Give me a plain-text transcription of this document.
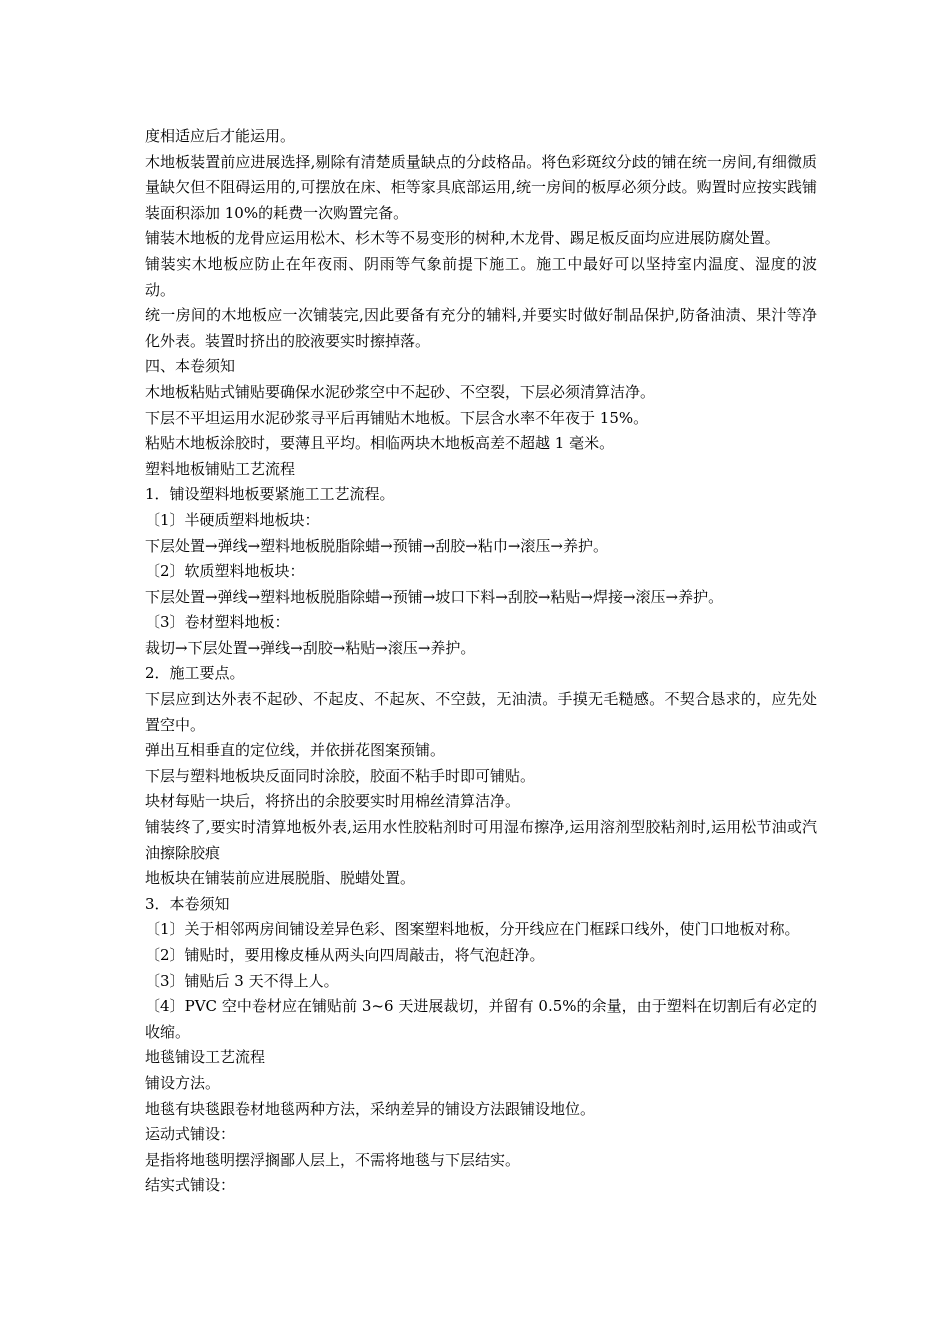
度相适应后才能运用。

木地板装置前应进展选择,剔除有清楚质量缺点的分歧格品。将色彩斑纹分歧的铺在统一房间,有细微质量缺欠但不阻碍运用的,可摆放在床、柜等家具底部运用,统一房间的板厚必须分歧。购置时应按实践铺装面积添加 10%的耗费一次购置完备。

铺装木地板的龙骨应运用松木、杉木等不易变形的树种,木龙骨、踢足板反面均应进展防腐处置。

铺装实木地板应防止在年夜雨、阴雨等气象前提下施工。施工中最好可以坚持室内温度、湿度的波动。

统一房间的木地板应一次铺装完,因此要备有充分的辅料,并要实时做好制品保护,防备油渍、果汁等净化外表。装置时挤出的胶液要实时擦掉落。

四、本卷须知

木地板粘贴式铺贴要确保水泥砂浆空中不起砂、不空裂，下层必须清算洁净。

下层不平坦运用水泥砂浆寻平后再铺贴木地板。下层含水率不年夜于 15%。

粘贴木地板涂胶时，要薄且平均。相临两块木地板高差不超越 1 毫米。

塑料地板铺贴工艺流程

1．铺设塑料地板要紧施工工艺流程。

〔1〕半硬质塑料地板块：

下层处置→弹线→塑料地板脱脂除蜡→预铺→刮胶→粘巾→滚压→养护。

〔2〕软质塑料地板块：

下层处置→弹线→塑料地板脱脂除蜡→预铺→坡口下料→刮胶→粘贴→焊接→滚压→养护。

〔3〕卷材塑料地板：

裁切→下层处置→弹线→刮胶→粘贴→滚压→养护。

2．施工要点。

下层应到达外表不起砂、不起皮、不起灰、不空鼓，无油渍。手摸无毛糙感。不契合恳求的，应先处置空中。

弹出互相垂直的定位线，并依拼花图案预铺。

下层与塑料地板块反面同时涂胶，胶面不粘手时即可铺贴。

块材每贴一块后，将挤出的余胶要实时用棉丝清算洁净。

铺装终了,要实时清算地板外表,运用水性胶粘剂时可用湿布擦净,运用溶剂型胶粘剂时,运用松节油或汽油擦除胶痕

地板块在铺装前应进展脱脂、脱蜡处置。

3．本卷须知

〔1〕关于相邻两房间铺设差异色彩、图案塑料地板，分开线应在门框踩口线外，使门口地板对称。

〔2〕铺贴时，要用橡皮棰从两头向四周敲击，将气泡赶净。

〔3〕铺贴后 3 天不得上人。

〔4〕PVC 空中卷材应在铺贴前 3~6 天进展裁切，并留有 0.5%的余量，由于塑料在切割后有必定的收缩。

地毯铺设工艺流程

铺设方法。

地毯有块毯跟卷材地毯两种方法，采纳差异的铺设方法跟铺设地位。

运动式铺设：

是指将地毯明摆浮搁鄙人层上，不需将地毯与下层结实。

结实式铺设：
